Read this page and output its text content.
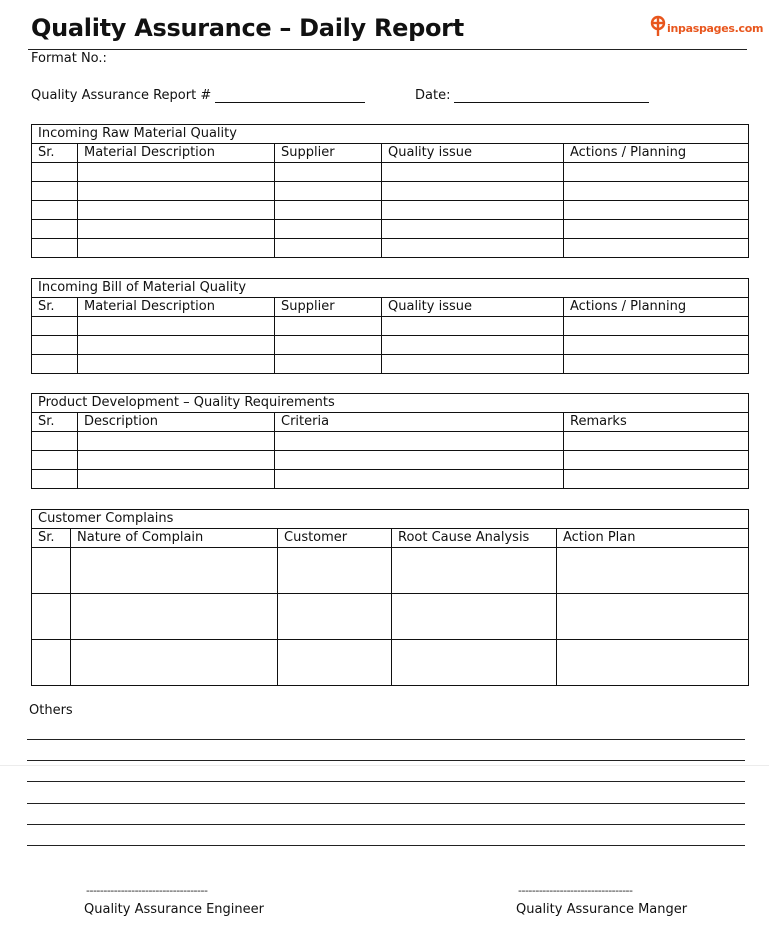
Quality Assurance – Daily Report	inpaspages.com
Format No.:
Quality Assurance Report #	Date:
Incoming Raw Material Quality				
Sr.	Material Description	Supplier	Quality issue	Actions / Planning

Incoming Bill of Material Quality				
Sr.	Material Description	Supplier	Quality issue	Actions / Planning

Product Development – Quality Requirements			
Sr.	Description	Criteria	Remarks

Customer Complains				
Sr.	Nature of Complain	Customer	Root Cause Analysis	Action Plan

Others
-----------------------------------
Quality Assurance Engineer
---------------------------------
Quality Assurance Manger
